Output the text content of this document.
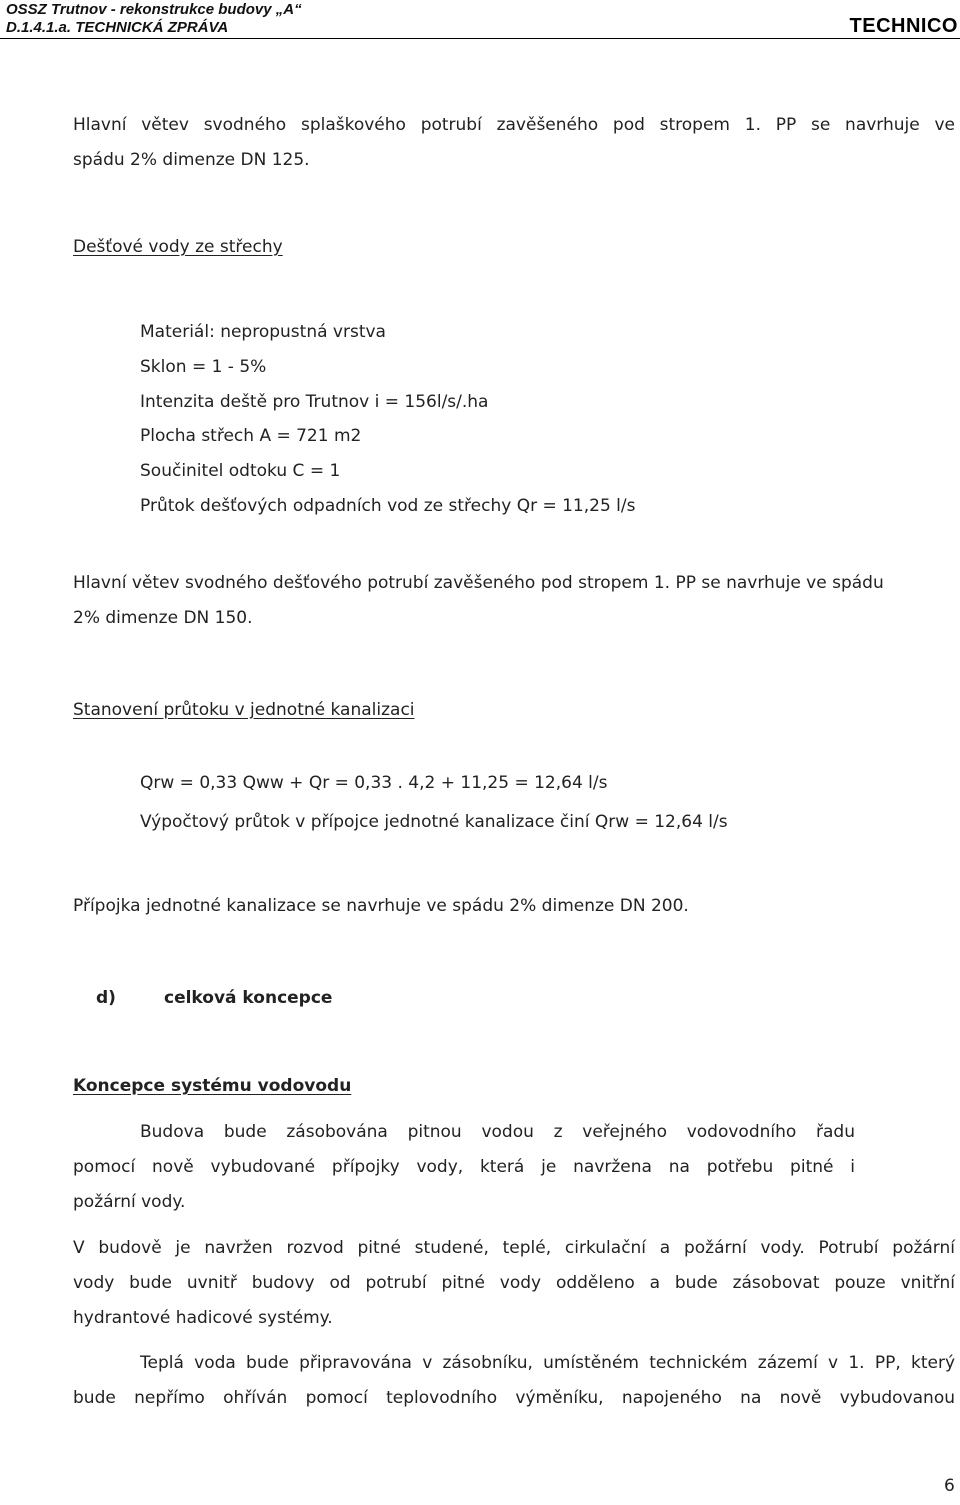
OSSZ Trutnov - rekonstrukce budovy „A“
D.1.4.1.a. TECHNICKÁ ZPRÁVA	TECHNICO
Hlavní větev svodného splaškového potrubí zavěšeného pod stropem 1. PP se navrhuje ve
spádu 2% dimenze DN 125.
Dešťové vody ze střechy
Materiál: nepropustná vrstva
Sklon = 1 - 5%
Intenzita deště pro Trutnov i = 156l/s/.ha
Plocha střech A = 721 m2
Součinitel odtoku C = 1
Průtok dešťových odpadních vod ze střechy Qr = 11,25 l/s
Hlavní větev svodného dešťového potrubí zavěšeného pod stropem 1. PP se navrhuje ve spádu
2% dimenze DN 150.
Stanovení průtoku v jednotné kanalizaci
Qrw = 0,33 Qww + Qr = 0,33 . 4,2 + 11,25 = 12,64 l/s
Výpočtový průtok v přípojce jednotné kanalizace činí Qrw = 12,64 l/s
Přípojka jednotné kanalizace se navrhuje ve spádu 2% dimenze DN 200.
d)	celková koncepce
Koncepce systému vodovodu
Budova bude zásobována pitnou vodou z veřejného vodovodního řadu
pomocí nově vybudované přípojky vody, která je navržena na potřebu pitné i
požární vody.
V budově je navržen rozvod pitné studené, teplé, cirkulační a požární vody. Potrubí požární
vody bude uvnitř budovy od potrubí pitné vody odděleno a bude zásobovat pouze vnitřní
hydrantové hadicové systémy.
Teplá voda bude připravována v zásobníku, umístěném technickém zázemí v 1. PP, který
bude nepřímo ohříván pomocí teplovodního výměníku, napojeného na nově vybudovanou
6
